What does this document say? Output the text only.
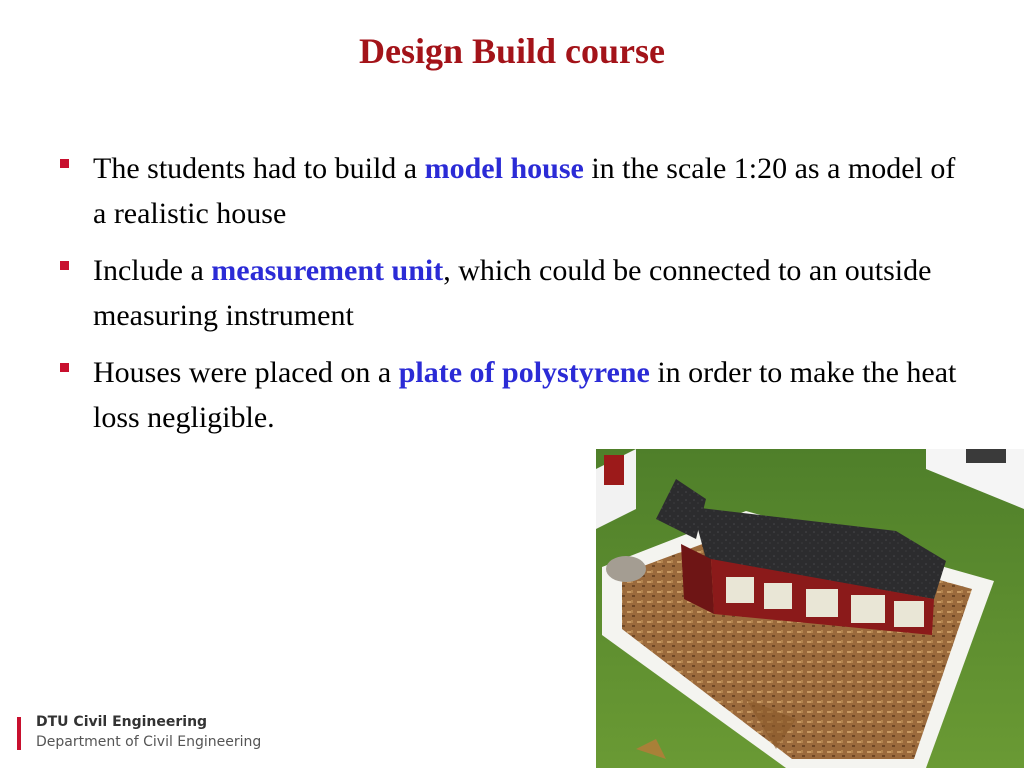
Design Build course
The students had to build a model house in the scale 1:20 as a model of a realistic house
Include a measurement unit, which could be connected to an outside measuring instrument
Houses were placed on a plate of polystyrene in order to make the heat loss negligible.
DTU Civil Engineering
Department of Civil Engineering
